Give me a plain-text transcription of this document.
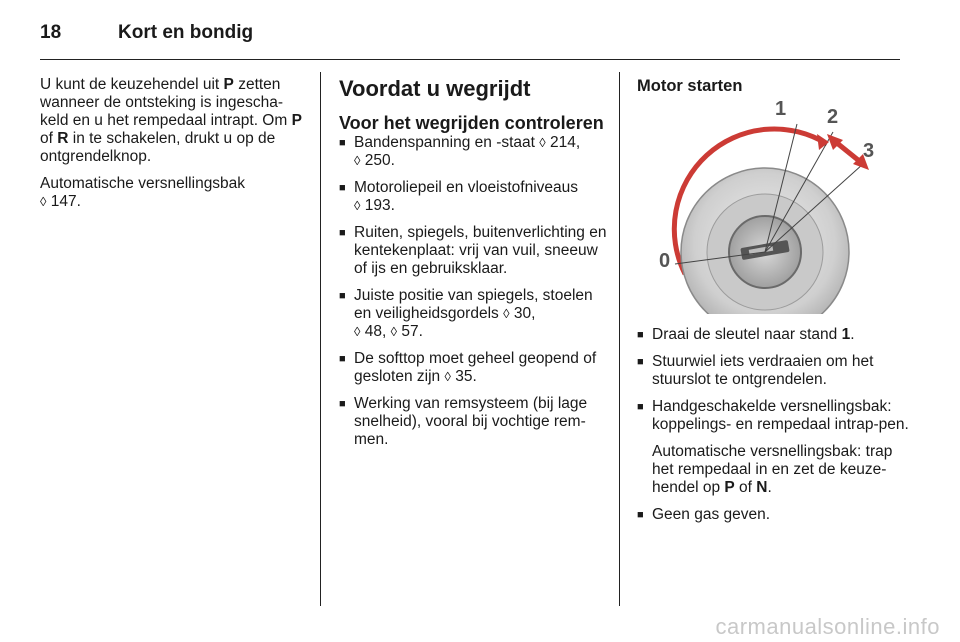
18	Kort en bondig

U kunt de keuzehendel uit P zetten wanneer de ontsteking is ingescha-keld en u het rempedaal intrapt. Om P of R in te schakelen, drukt u op de ontgrendelknop.

Automatische versnellingsbak
◊ 147.

Voordat u wegrijdt

Voor het wegrijden controleren

■ Bandenspanning en -staat ◊ 214,
◊ 250.
■ Motoroliepeil en vloeistofniveaus
◊ 193.
■ Ruiten, spiegels, buitenverlichting en kentekenplaat: vrij van vuil, sneeuw of ijs en gebruiksklaar.
■ Juiste positie van spiegels, stoelen en veiligheidsgordels ◊ 30,
◊ 48, ◊ 57.
■ De softtop moet geheel geopend of gesloten zijn ◊ 35.
■ Werking van remsysteem (bij lage snelheid), vooral bij vochtige rem-men.

Motor starten

0
1 2
3
■ Draai de sleutel naar stand 1.
■ Stuurwiel iets verdraaien om het stuurslot te ontgrendelen.
■ Handgeschakelde versnellingsbak: koppelings- en rempedaal intrap-pen.

Automatische versnellingsbak: trap het rempedaal in en zet de keuze-hendel op P of N.

■ Geen gas geven.
carmanualsonline.info
